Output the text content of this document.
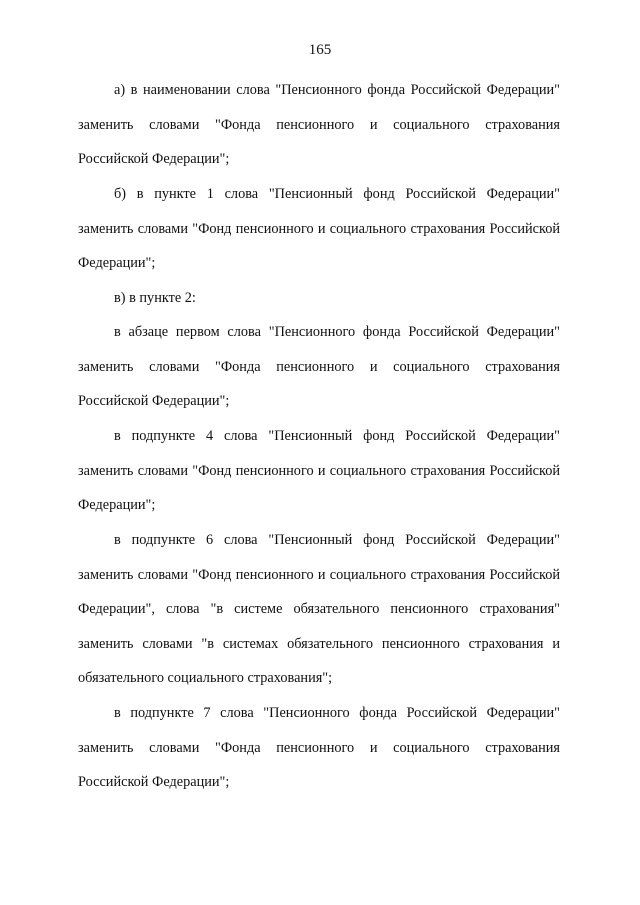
165

а) в наименовании слова "Пенсионного фонда Российской Федерации" заменить словами "Фонда пенсионного и социального страхования Российской Федерации";

б) в пункте 1 слова "Пенсионный фонд Российской Федерации" заменить словами "Фонд пенсионного и социального страхования Российской Федерации";

в) в пункте 2:

в абзаце первом слова "Пенсионного фонда Российской Федерации" заменить словами "Фонда пенсионного и социального страхования Российской Федерации";

в подпункте 4 слова "Пенсионный фонд Российской Федерации" заменить словами "Фонд пенсионного и социального страхования Российской Федерации";

в подпункте 6 слова "Пенсионный фонд Российской Федерации" заменить словами "Фонд пенсионного и социального страхования Российской Федерации", слова "в системе обязательного пенсионного страхования" заменить словами "в системах обязательного пенсионного страхования и обязательного социального страхования";

в подпункте 7 слова "Пенсионного фонда Российской Федерации" заменить словами "Фонда пенсионного и социального страхования Российской Федерации";
